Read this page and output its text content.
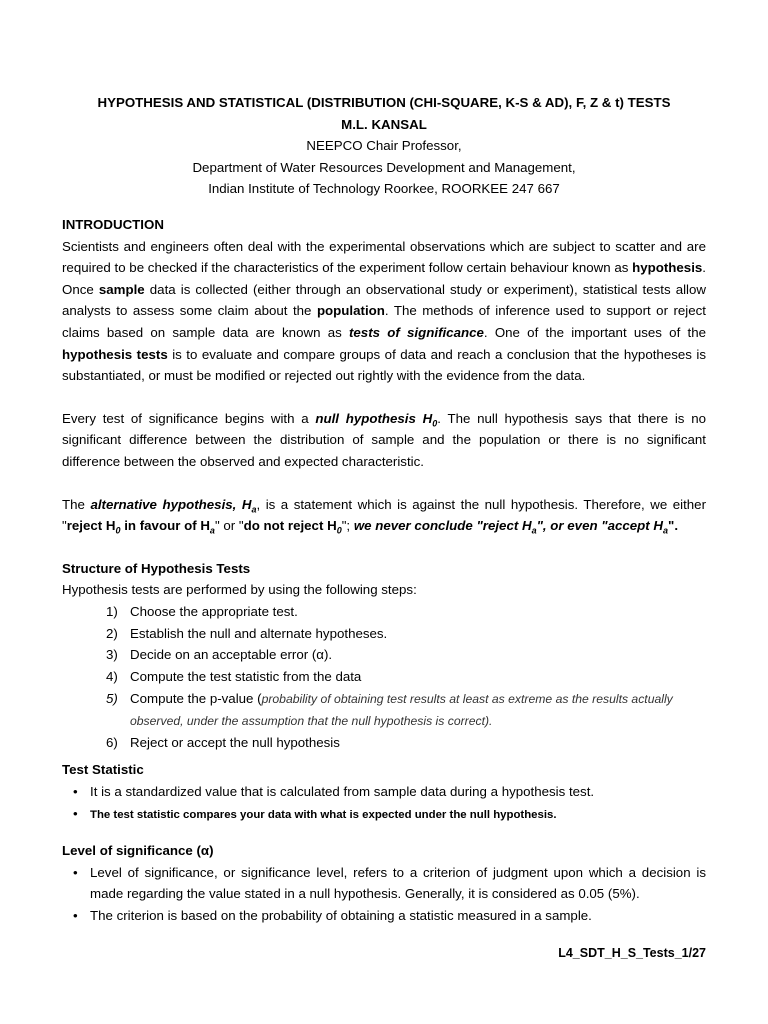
HYPOTHESIS AND STATISTICAL (DISTRIBUTION (CHI-SQUARE, K-S & AD), F, Z & t) TESTS
M.L. KANSAL
NEEPCO Chair Professor,
Department of Water Resources Development and Management,
Indian Institute of Technology Roorkee, ROORKEE 247 667
INTRODUCTION

Scientists and engineers often deal with the experimental observations which are subject to scatter and are required to be checked if the characteristics of the experiment follow certain behaviour known as hypothesis. Once sample data is collected (either through an observational study or experiment), statistical tests allow analysts to assess some claim about the population. The methods of inference used to support or reject claims based on sample data are known as tests of significance. One of the important uses of the hypothesis tests is to evaluate and compare groups of data and reach a conclusion that the hypotheses is substantiated, or must be modified or rejected out rightly with the evidence from the data.

Every test of significance begins with a null hypothesis $H_0$. The null hypothesis says that there is no significant difference between the distribution of sample and the population or there is no significant difference between the observed and expected characteristic.

The alternative hypothesis, $H_a$, is a statement which is against the null hypothesis. Therefore, we either "reject $H_0$ in favour of $H_a$" or "do not reject $H_0$"; we never conclude "reject $H_a$", or even "accept $H_a$".

Structure of Hypothesis Tests
Hypothesis tests are performed by using the following steps:
1) Choose the appropriate test.
2) Establish the null and alternate hypotheses.
3) Decide on an acceptable error (α).
4) Compute the test statistic from the data
5) Compute the p-value (probability of obtaining test results at least as extreme as the results actually observed, under the assumption that the null hypothesis is correct).
6) Reject or accept the null hypothesis
Test Statistic
• It is a standardized value that is calculated from sample data during a hypothesis test.
• The test statistic compares your data with what is expected under the null hypothesis.
Level of significance (α)
• Level of significance, or significance level, refers to a criterion of judgment upon which a decision is made regarding the value stated in a null hypothesis. Generally, it is considered as 0.05 (5%).
• The criterion is based on the probability of obtaining a statistic measured in a sample.
L4_SDT_H_S_Tests_1/27
